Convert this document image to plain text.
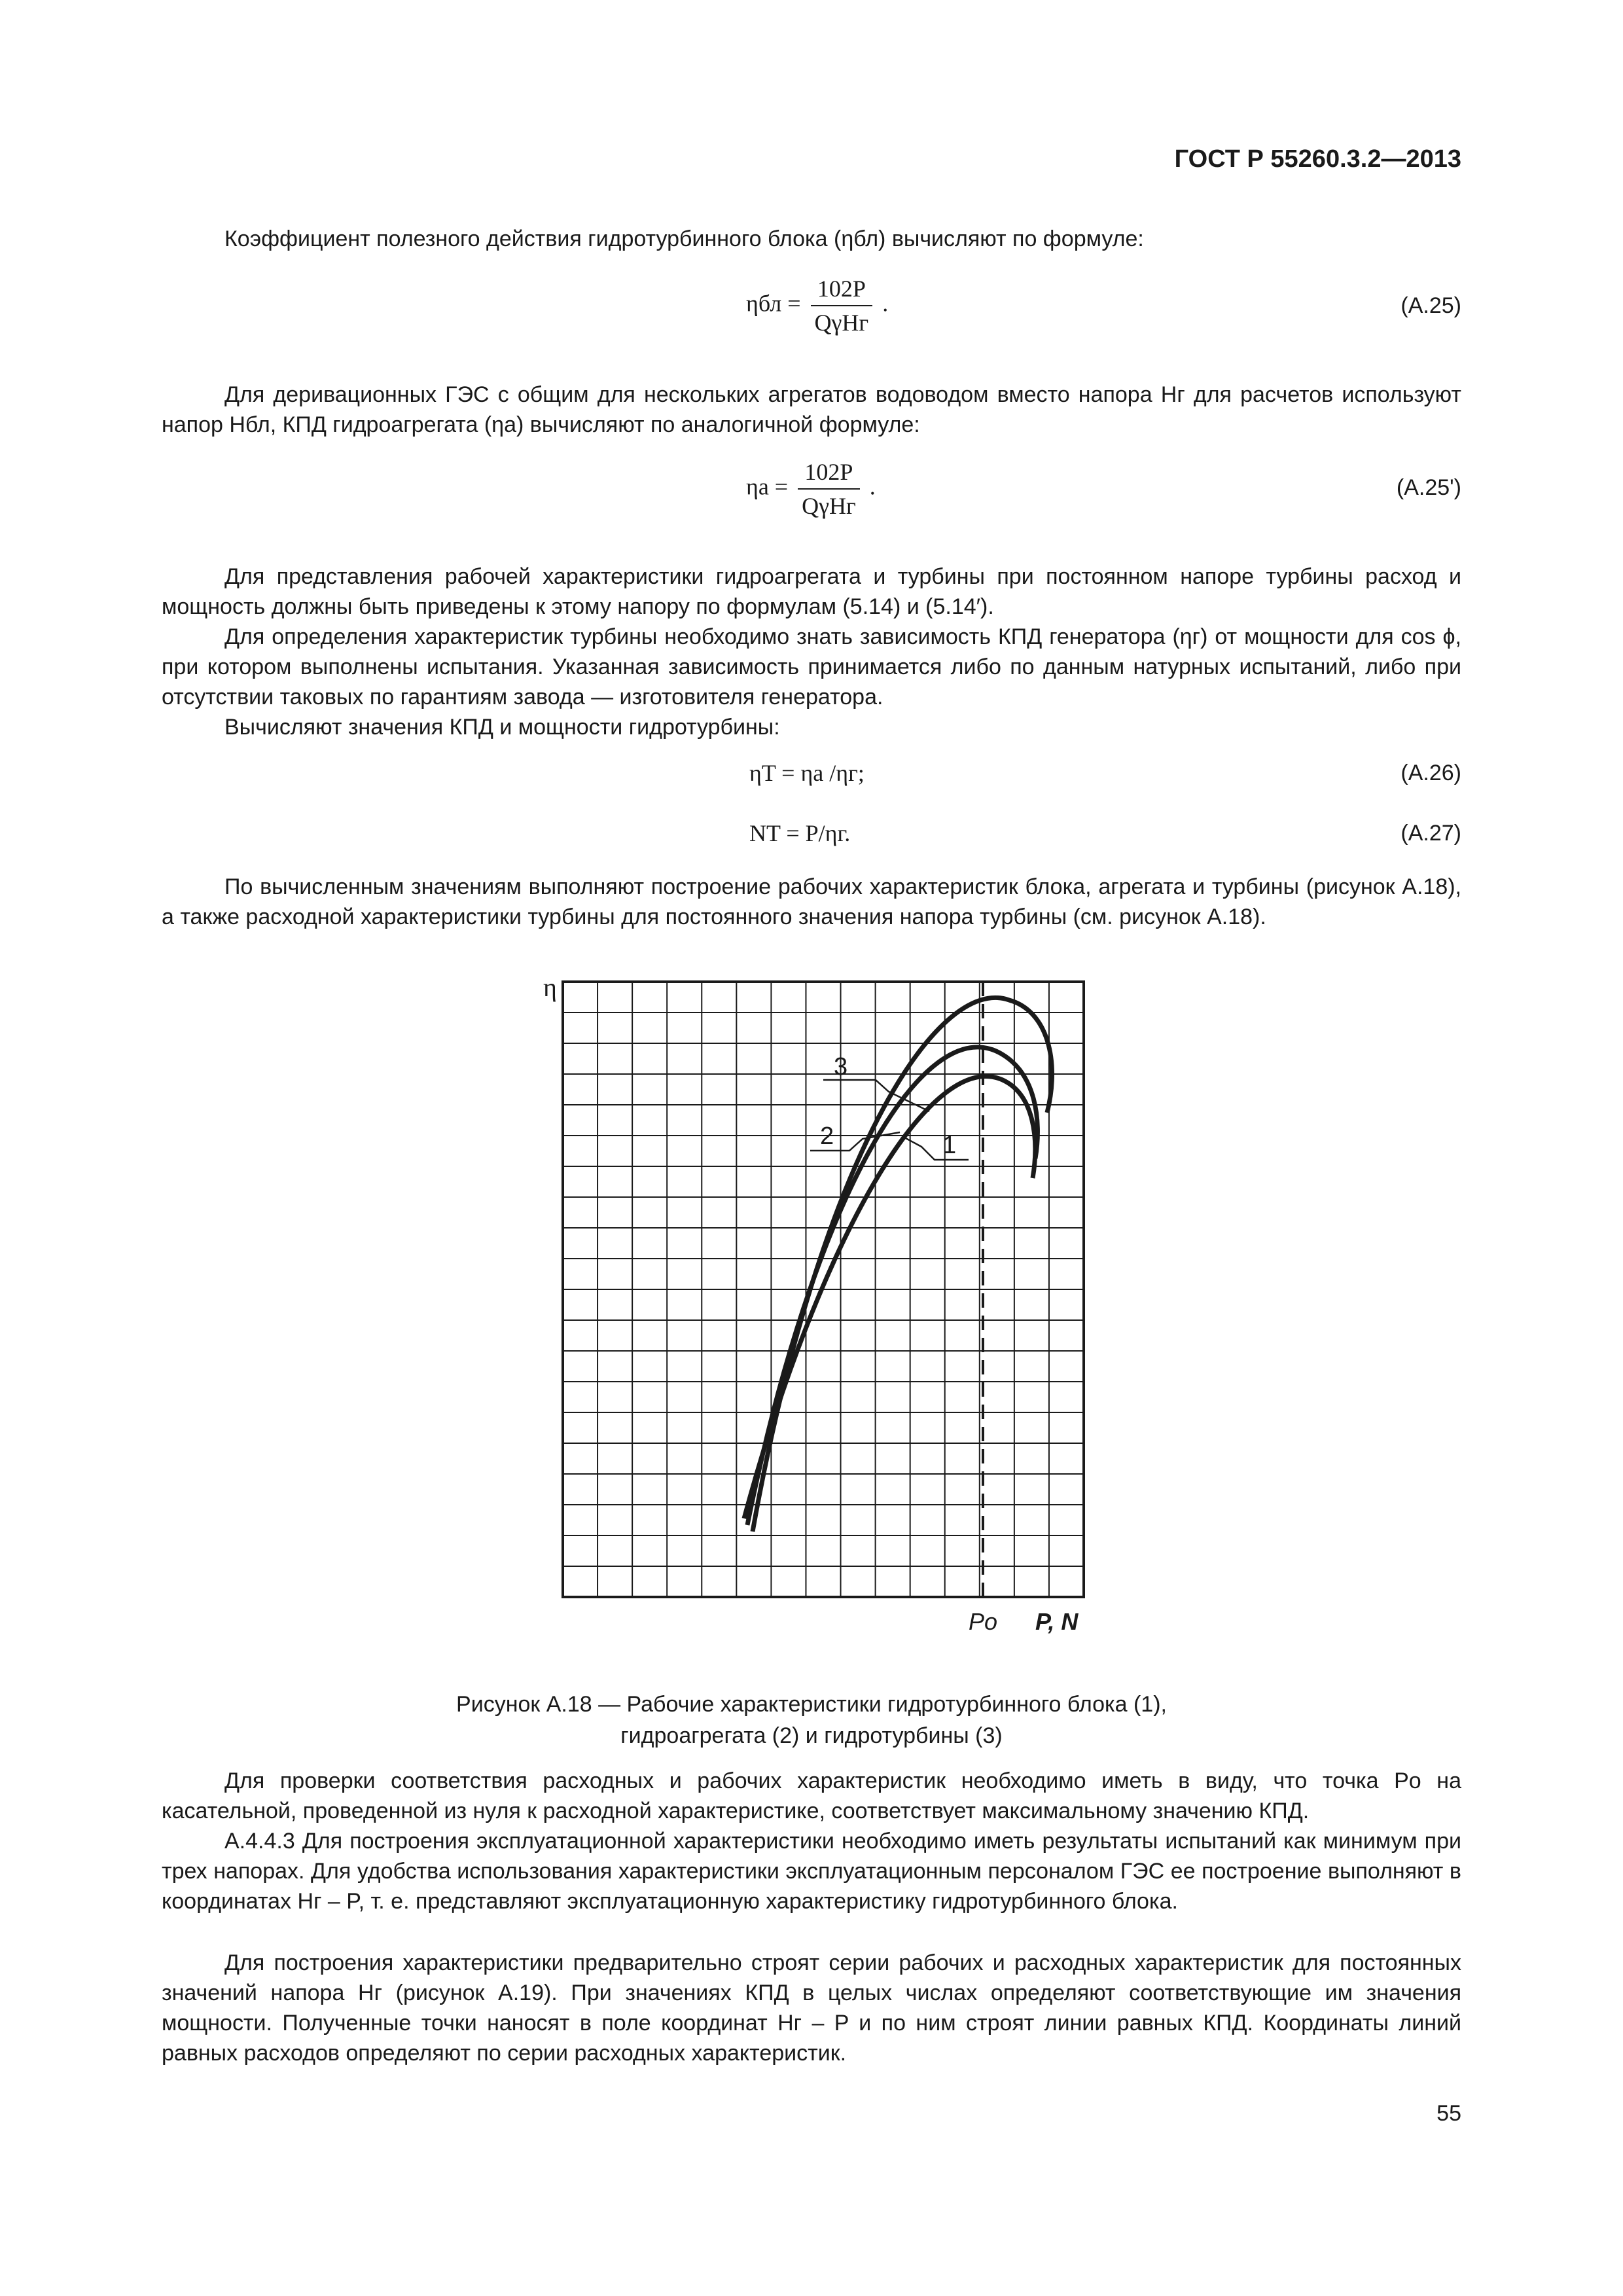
ГОСТ Р 55260.3.2—2013

Коэффициент полезного действия гидротурбинного блока (ηбл) вычисляют по формуле:

$\eta бл = \frac{102P}{\text{QγHг}}$ .	(A.25)

Для деривационных ГЭС с общим для нескольких агрегатов водоводом вместо напора Hг для расчетов используют напор Hбл, КПД гидроагрегата (ηa) вычисляют по аналогичной формуле:

$\eta a = \frac{102P}{\text{QγHг}}$ .	(A.25')

Для представления рабочей характеристики гидроагрегата и турбины при постоянном напоре турбины расход и мощность должны быть приведены к этому напору по формулам (5.14) и (5.14′).

Для определения характеристик турбины необходимо знать зависимость КПД генератора (ηг) от мощности для cos ϕ, при котором выполнены испытания. Указанная зависимость принимается либо по данным натурных испытаний, либо при отсутствии таковых по гарантиям завода — изготовителя генератора.

Вычисляют значения КПД и мощности гидротурбины:

ηT = ηa /ηг;	(A.26)
NT = P/ηг.	(A.27)

По вычисленным значениям выполняют построение рабочих характеристик блока, агрегата и турбины (рисунок А.18), а также расходной характеристики турбины для постоянного значения напора турбины (см. рисунок А.18).

3
2	1
η
Po P, N
Рисунок А.18 — Рабочие характеристики гидротурбинного блока (1),
гидроагрегата (2) и гидротурбины (3)

Для проверки соответствия расходных и рабочих характеристик необходимо иметь в виду, что точка Pо на касательной, проведенной из нуля к расходной характеристике, соответствует максимальному значению КПД.

А.4.4.3 Для построения эксплуатационной характеристики необходимо иметь результаты испытаний как минимум при трех напорах. Для удобства использования характеристики эксплуатационным персоналом ГЭС ее построение выполняют в координатах Hг – P, т. е. представляют эксплуатационную характеристику гидротурбинного блока.

Для построения характеристики предварительно строят серии рабочих и расходных характеристик для постоянных значений напора Hг (рисунок А.19). При значениях КПД в целых числах определяют соответствующие им значения мощности. Полученные точки наносят в поле координат Hг – P и по ним строят линии равных КПД. Координаты линий равных расходов определяют по серии расходных характеристик.

55
